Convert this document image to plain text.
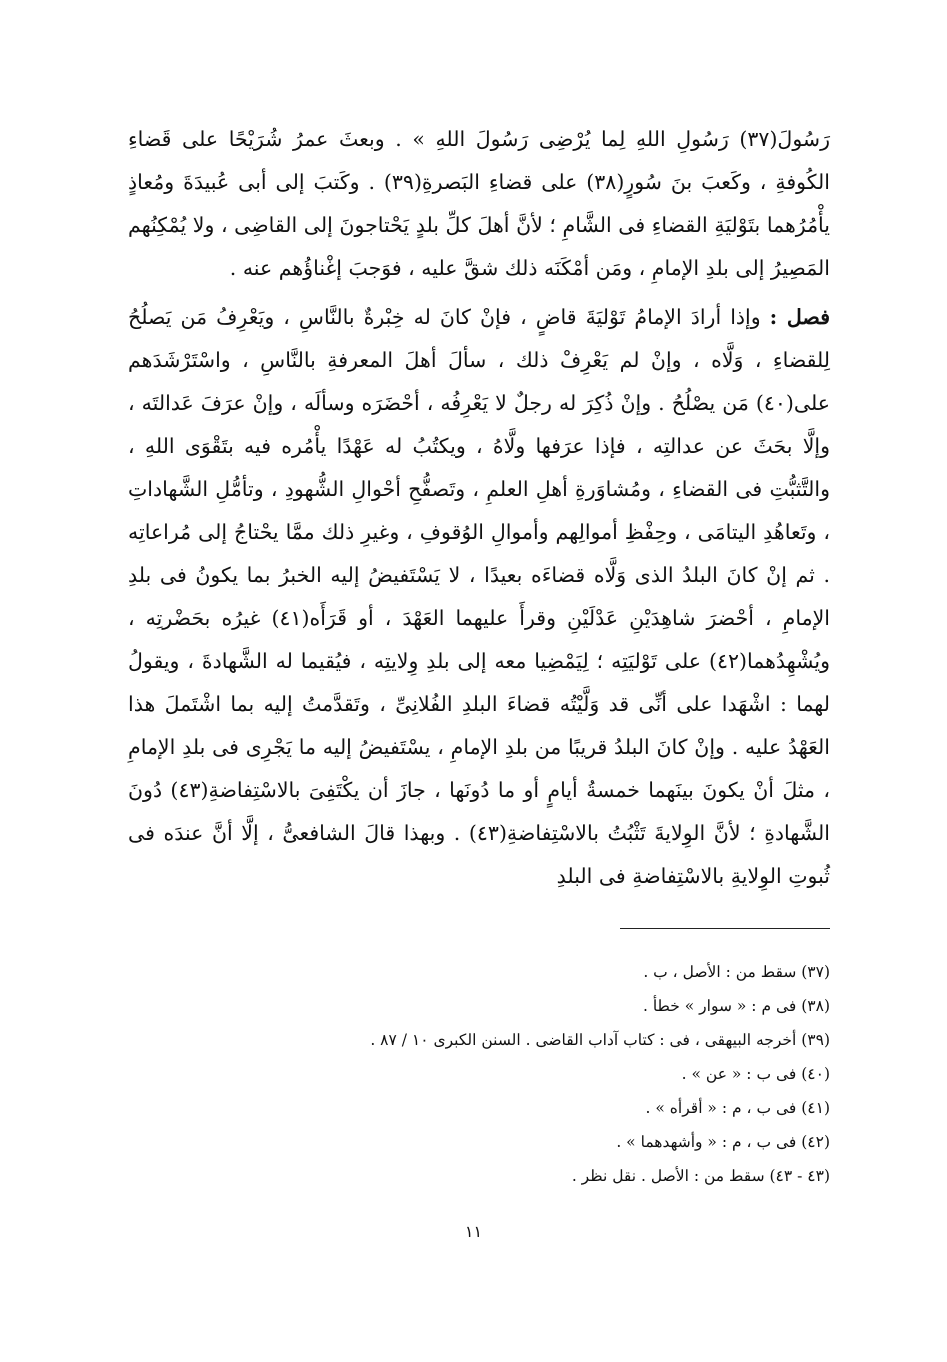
رَسُولَ(٣٧) رَسُولِ اللهِ لِما يُرْضِى رَسُولَ اللهِ » . وبعثَ عمرُ شُرَيْحًا على قَضاءِ الكُوفةِ ، وكَعبَ بنَ سُورٍ(٣٨) على قضاءِ البَصرةِ(٣٩) . وكَتبَ إلى أبى عُبيدَةَ ومُعاذٍ يأْمُرُهما بتَوْليَةِ القضاءِ فى الشَّامِ ؛ لأنَّ أهلَ كلِّ بلدٍ يَحْتاجونَ إلى القاضِى ، ولا يُمْكِنُهم المَصِيرُ إلى بلدِ الإمامِ ، ومَن أمْكَنَه ذلك شقَّ عليه ، فوَجبَ إغْناؤُهم عنه .

فصل : وإذا أرادَ الإمامُ تَوْليَةَ قاضٍ ، فإنْ كانَ له خِبْرةٌ بالنَّاسِ ، ويَعْرِفُ مَن يَصلُحُ لِلقضاءِ ، وَلَّاه ، وإنْ لم يَعْرِفْ ذلك ، سألَ أهلَ المعرفةِ بالنَّاسِ ، واسْتَرْشَدَهم على(٤٠) مَن يصْلُحُ . وإنْ ذُكِرَ له رجلٌ لا يَعْرِفُه ، أحْضَرَه وسألَه ، وإنْ عرَفَ عَدالتَه ، وإلَّا بحَثَ عن عدالتِه ، فإذا عرَفها ولَّاهُ ، ويكتُبُ له عَهْدًا يأْمُره فيه بتَقْوَى اللهِ ، والتَّثبُّتِ فى القضاءِ ، ومُشاوَرةِ أهلِ العلمِ ، وتَصفُّحِ أحْوالِ الشُّهودِ ، وتأمُّلِ الشَّهاداتِ ، وتَعاهُدِ اليتامَى ، وحِفْظِ أموالِهم وأموالِ الوُقوفِ ، وغيرِ ذلك ممَّا يحْتاجُ إلى مُراعاتِه . ثم إنْ كانَ البلدُ الذى وَلَّاه قضاءَه بعيدًا ، لا يَسْتَفيضُ إليه الخبرُ بما يكونُ فى بلدِ الإمامِ ، أحْضرَ شاهِدَيْنِ عَدْلَيْنِ وقرأَ عليهما العَهْدَ ، أو قَرَأَه(٤١) غيرُه بحَضْرتِه ، ويُشْهِدُهما(٤٢) على تَوْليَتِه ؛ لِيَمْضِيا معه إلى بلدِ وِلايتِه ، فيُقيما له الشَّهادةَ ، ويقولُ لهما : اشْهَدا على أنِّى قد وَلَّيْتُه قضاءَ البلدِ الفُلانِىِّ ، وتَقدَّمتُ إليه بما اشْتَملَ هذا العَهْدُ عليه . وإنْ كانَ البلدُ قريبًا من بلدِ الإمامِ ، يسْتَفيضُ إليه ما يَجْرِى فى بلدِ الإمامِ ، مثلَ أنْ يكونَ بينَهما خمسةُ أيامٍ أو ما دُونَها ، جازَ أن يكْتَفِىَ بالاسْتِفاضةِ(٤٣) دُونَ الشَّهادةِ ؛ لأنَّ الوِلايةَ تَثْبُتُ بالاسْتِفاضةِ(٤٣) . وبهذا قالَ الشافعىُّ ، إلَّا أنَّ عندَه فى ثُبوتِ الوِلايةِ بالاسْتِفاضةِ فى البلدِ

(٣٧) سقط من : الأصل ، ب .
(٣٨) فى م : « سوار » خطأ .
(٣٩) أخرجه البيهقى ، فى : كتاب آداب القاضى . السنن الكبرى ١٠ / ٨٧ .
(٤٠) فى ب : « عن » .
(٤١) فى ب ، م : « أقرأه » .
(٤٢) فى ب ، م : « وأشهدهما » .
(٤٣ - ٤٣) سقط من : الأصل . نقل نظر .
١١
